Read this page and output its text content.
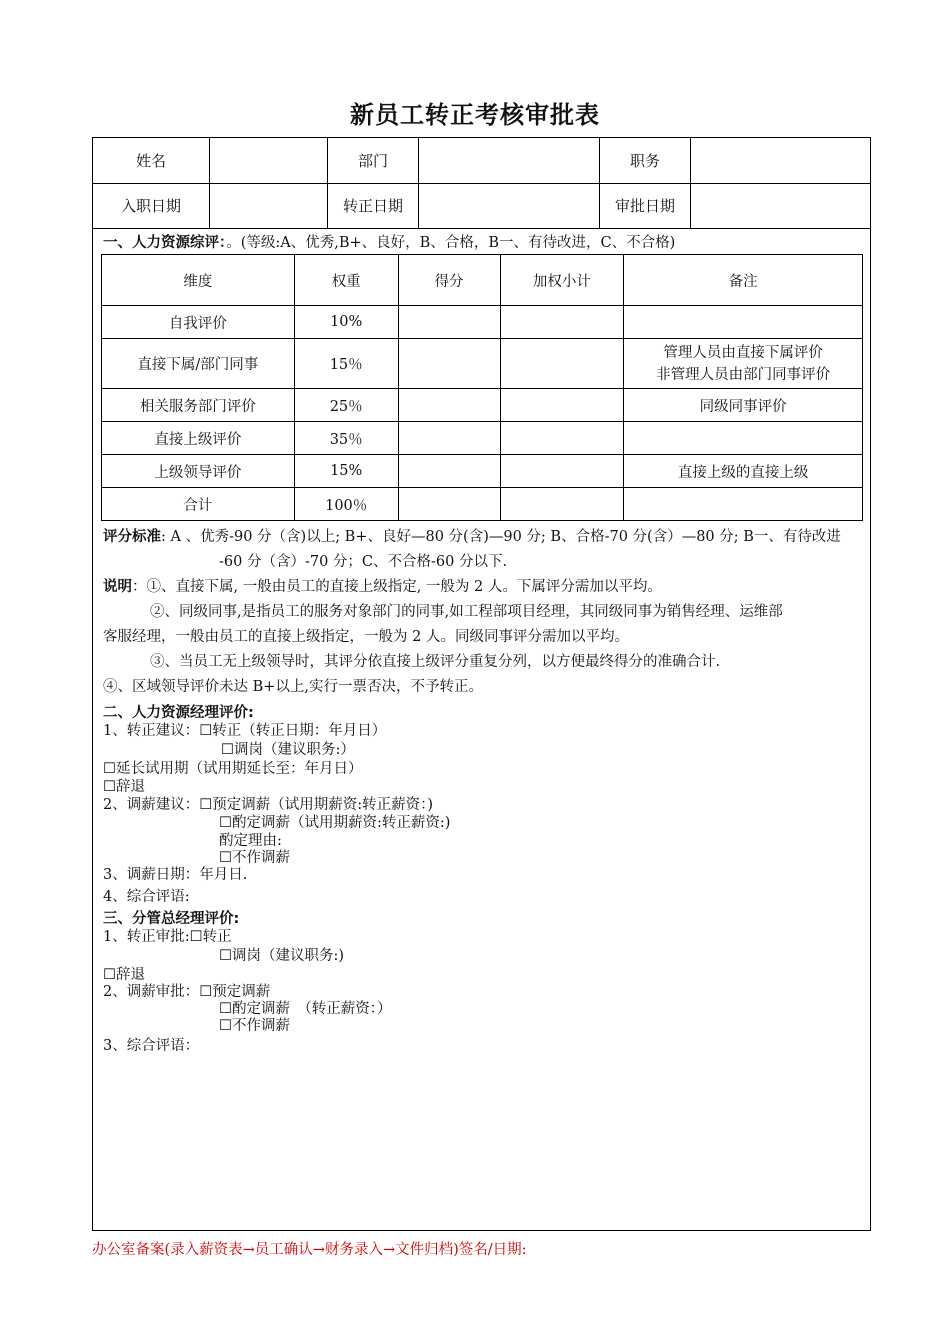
新员工转正考核审批表
姓名	部门	职务
入职日期	转正日期	审批日期
一、人力资源综评：。(等级:A、优秀,B+、良好，B、合格，B一、有待改进，C、不合格)
维度	权重	得分	加权小计	备注
自我评价	10%			
直接下属/部门同事	15％			管理人员由直接下属评价
非管理人员由部门同事评价

相关服务部门评价	25％			同级同事评价
直接上级评价	35％			
上级领导评价	15%			直接上级的直接上级
合计	100％			
评分标准: A 、优秀-90 分（含)以上; B+、良好—80 分(含)—90 分; B、合格-70 分(含）—80 分; B一、有待改进
-60 分（含）-70 分；C、不合格-60 分以下.
说明：①、直接下属, 一般由员工的直接上级指定, 一般为 2 人。下属评分需加以平均。
②、同级同事,是指员工的服务对象部门的同事,如工程部项目经理，其同级同事为销售经理、运维部
客服经理，一般由员工的直接上级指定，一般为 2 人。同级同事评分需加以平均。
③、当员工无上级领导时，其评分依直接上级评分重复分列，以方便最终得分的准确合计.
④、区域领导评价未达 B+以上,实行一票否决，不予转正。
二、人力资源经理评价:
1、转正建议：☐转正（转正日期：年月日）
☐调岗（建议职务:）
☐延长试用期（试用期延长至：年月日）
☐辞退
2、调薪建议：☐预定调薪（试用期薪资:转正薪资：)
☐酌定调薪（试用期薪资:转正薪资:)
酌定理由:
☐不作调薪
3、调薪日期：年月日.
4、综合评语:
三、分管总经理评价:
1、转正审批:☐转正
☐调岗（建议职务:)
☐辞退
2、调薪审批：☐预定调薪
☐酌定调薪　（转正薪资：）
☐不作调薪
3、综合评语：
办公室备案(录入薪资表→员工确认→财务录入→文件归档)签名/日期:
